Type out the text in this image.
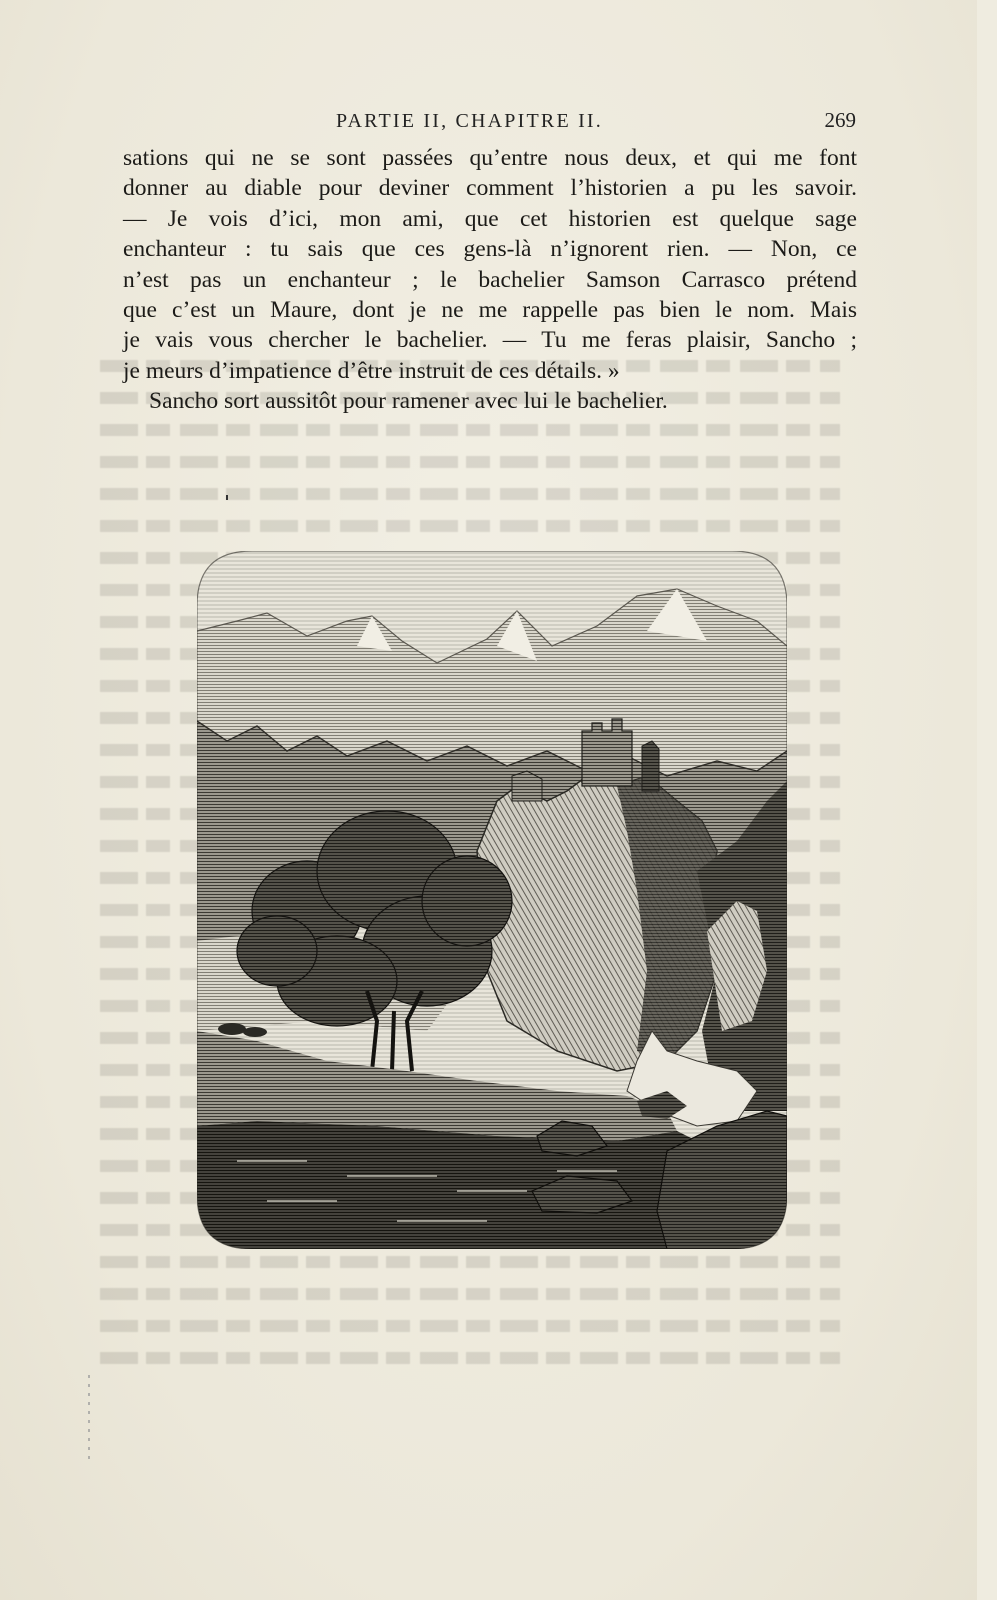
PARTIE II, CHAPITRE II.	269
sations qui ne se sont passées qu’entre nous deux, et qui me font
donner au diable pour deviner comment l’historien a pu les savoir.
— Je vois d’ici, mon ami, que cet historien est quelque sage
enchanteur : tu sais que ces gens-là n’ignorent rien. — Non, ce
n’est pas un enchanteur ; le bachelier Samson Carrasco prétend
que c’est un Maure, dont je ne me rappelle pas bien le nom. Mais
je vais vous chercher le bachelier. — Tu me feras plaisir, Sancho ;
je meurs d’impatience d’être instruit de ces détails. »
Sancho sort aussitôt pour ramener avec lui le bachelier.
